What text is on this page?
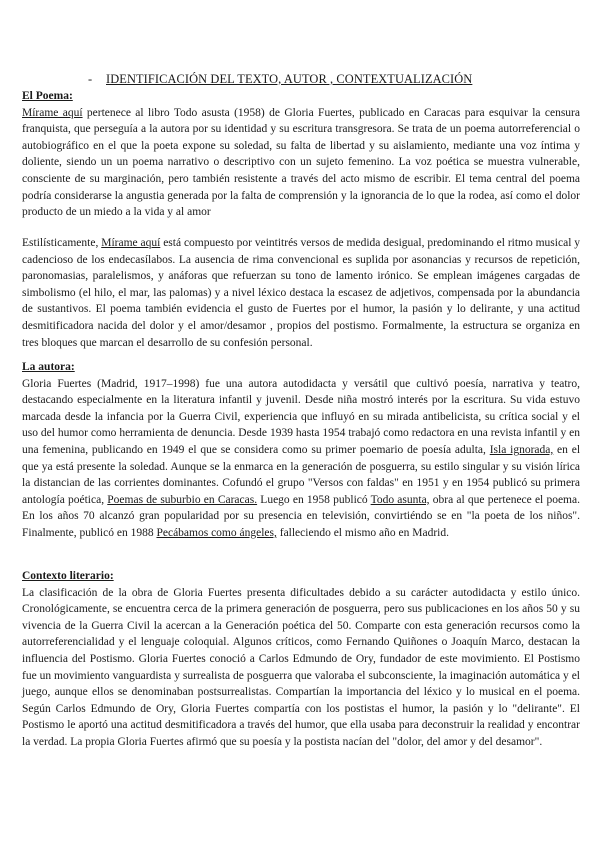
- IDENTIFICACIÓN DEL TEXTO, AUTOR , CONTEXTUALIZACIÓN
El Poema:

Mírame aquí pertenece al libro Todo asusta (1958) de Gloria Fuertes, publicado en Caracas para esquivar la censura franquista, que perseguía a la autora por su identidad y su escritura transgresora. Se trata de un poema autorreferencial o autobiográfico en el que la poeta expone su soledad, su falta de libertad y su aislamiento, mediante una voz íntima y doliente, siendo un un poema narrativo o descriptivo con un sujeto femenino. La voz poética se muestra vulnerable, consciente de su marginación, pero también resistente a través del acto mismo de escribir. El tema central del poema podría considerarse la angustia generada por la falta de comprensión y la ignorancia de lo que la rodea, así como el dolor producto de un miedo a la vida y al amor

Estilísticamente, Mírame aquí está compuesto por veintitrés versos de medida desigual, predominando el ritmo musical y cadencioso de los endecasílabos. La ausencia de rima convencional es suplida por asonancias y recursos de repetición, paronomasias, paralelismos, y anáforas que refuerzan su tono de lamento irónico. Se emplean imágenes cargadas de simbolismo (el hilo, el mar, las palomas) y a nivel léxico destaca la escasez de adjetivos, compensada por la abundancia de sustantivos. El poema también evidencia el gusto de Fuertes por el humor, la pasión y lo delirante, y una actitud desmitificadora nacida del dolor y el amor/desamor , propios del postismo. Formalmente, la estructura se organiza en tres bloques que marcan el desarrollo de su confesión personal.

La autora:

Gloria Fuertes (Madrid, 1917–1998) fue una autora autodidacta y versátil que cultivó poesía, narrativa y teatro, destacando especialmente en la literatura infantil y juvenil. Desde niña mostró interés por la escritura. Su vida estuvo marcada desde la infancia por la Guerra Civil, experiencia que influyó en su mirada antibelicista, su crítica social y el uso del humor como herramienta de denuncia. Desde 1939 hasta 1954 trabajó como redactora en una revista infantil y en una femenina, publicando en 1949 el que se considera como su primer poemario de poesía adulta, Isla ignorada, en el que ya está presente la soledad. Aunque se la enmarca en la generación de posguerra, su estilo singular y su visión lírica la distancian de las corrientes dominantes. Cofundó el grupo "Versos con faldas" en 1951 y en 1954 publicó su primera antología poética, Poemas de suburbio en Caracas. Luego en 1958 publicó Todo asunta, obra al que pertenece el poema. En los años 70 alcanzó gran popularidad por su presencia en televisión, convirtiéndo se en "la poeta de los niños". Finalmente, publicó en 1988 Pecábamos como ángeles, falleciendo el mismo año en Madrid.

Contexto literario:

La clasificación de la obra de Gloria Fuertes presenta dificultades debido a su carácter autodidacta y estilo único. Cronológicamente, se encuentra cerca de la primera generación de posguerra, pero sus publicaciones en los años 50 y su vivencia de la Guerra Civil la acercan a la Generación poética del 50. Comparte con esta generación recursos como la autorreferencialidad y el lenguaje coloquial. Algunos críticos, como Fernando Quiñones o Joaquín Marco, destacan la influencia del Postismo. Gloria Fuertes conoció a Carlos Edmundo de Ory, fundador de este movimiento. El Postismo fue un movimiento vanguardista y surrealista de posguerra que valoraba el subconsciente, la imaginación automática y el juego, aunque ellos se denominaban postsurrealistas. Compartían la importancia del léxico y lo musical en el poema. Según Carlos Edmundo de Ory, Gloria Fuertes compartía con los postistas el humor, la pasión y lo "delirante". El Postismo le aportó una actitud desmitificadora a través del humor, que ella usaba para deconstruir la realidad y encontrar la verdad. La propia Gloria Fuertes afirmó que su poesía y la postista nacían del "dolor, del amor y del desamor".
